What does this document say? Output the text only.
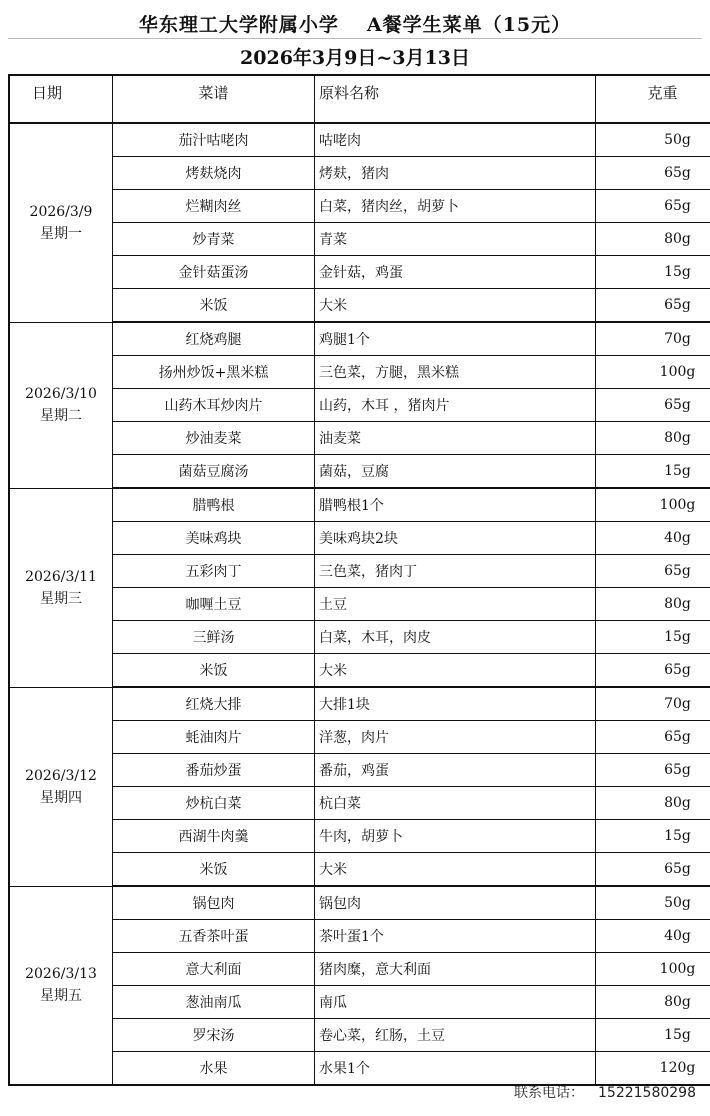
华东理工大学附属小学 A餐学生菜单（15元）
2026年3月9日~3月13日
日期	菜谱	原料名称	克重

2026/3/9
星期一	茄汁咕咾肉	咕咾肉	50g
	烤麸烧肉	烤麸，猪肉	65g
	烂糊肉丝	白菜，猪肉丝，胡萝卜	65g
	炒青菜	青菜	80g
	金针菇蛋汤	金针菇，鸡蛋	15g
	米饭	大米	65g

2026/3/10
星期二	红烧鸡腿	鸡腿1个	70g
	扬州炒饭+黑米糕	三色菜，方腿，黑米糕	100g
	山药木耳炒肉片	山药，木耳 ，猪肉片	65g
	炒油麦菜	油麦菜	80g
	菌菇豆腐汤	菌菇，豆腐	15g

2026/3/11
星期三	腊鸭根	腊鸭根1个	100g
	美味鸡块	美味鸡块2块	40g
	五彩肉丁	三色菜，猪肉丁	65g
	咖喱土豆	土豆	80g
	三鲜汤	白菜，木耳，肉皮	15g
	米饭	大米	65g

2026/3/12
星期四	红烧大排	大排1块	70g
	蚝油肉片	洋葱，肉片	65g
	番茄炒蛋	番茄，鸡蛋	65g
	炒杭白菜	杭白菜	80g
	西湖牛肉羹	牛肉，胡萝卜	15g
	米饭	大米	65g

2026/3/13
星期五	锅包肉	锅包肉	50g
	五香茶叶蛋	茶叶蛋1个	40g
	意大利面	猪肉糜，意大利面	100g
	葱油南瓜	南瓜	80g
	罗宋汤	卷心菜，红肠，土豆	15g
	水果	水果1个	120g
联系电话： 15221580298
